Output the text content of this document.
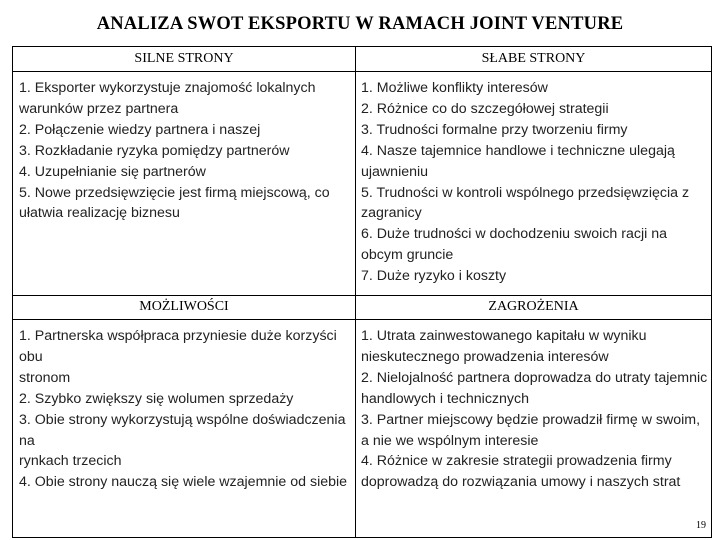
ANALIZA SWOT EKSPORTU W RAMACH JOINT VENTURE
SILNE STRONY	SŁABE STRONY
1. Eksporter wykorzystuje znajomość lokalnych warunków przez partnera
2. Połączenie wiedzy partnera i naszej
3. Rozkładanie ryzyka pomiędzy partnerów
4. Uzupełnianie się partnerów
5. Nowe przedsięwzięcie jest firmą miejscową, co ułatwia realizację biznesu
1. Możliwe konflikty interesów
2. Różnice co do szczegółowej strategii
3. Trudności formalne przy tworzeniu firmy
4. Nasze tajemnice handlowe i techniczne ulegają ujawnieniu
5. Trudności w kontroli wspólnego przedsięwzięcia z zagranicy
6. Duże trudności w dochodzeniu swoich racji na obcym gruncie
7. Duże ryzyko i koszty
MOŻLIWOŚCI	ZAGROŻENIA
1. Partnerska współpraca przyniesie duże korzyści obu
stronom
2. Szybko zwiększy się wolumen sprzedaży
3. Obie strony wykorzystują wspólne doświadczenia na
rynkach trzecich
4. Obie strony nauczą się wiele wzajemnie od siebie
1. Utrata zainwestowanego kapitału w wyniku nieskutecznego prowadzenia interesów
2. Nielojalność partnera doprowadza do utraty tajemnic handlowych i technicznych
3. Partner miejscowy będzie prowadził firmę w swoim, a nie we wspólnym interesie
4. Różnice w zakresie strategii prowadzenia firmy doprowadzą do rozwiązania umowy i naszych strat
19
